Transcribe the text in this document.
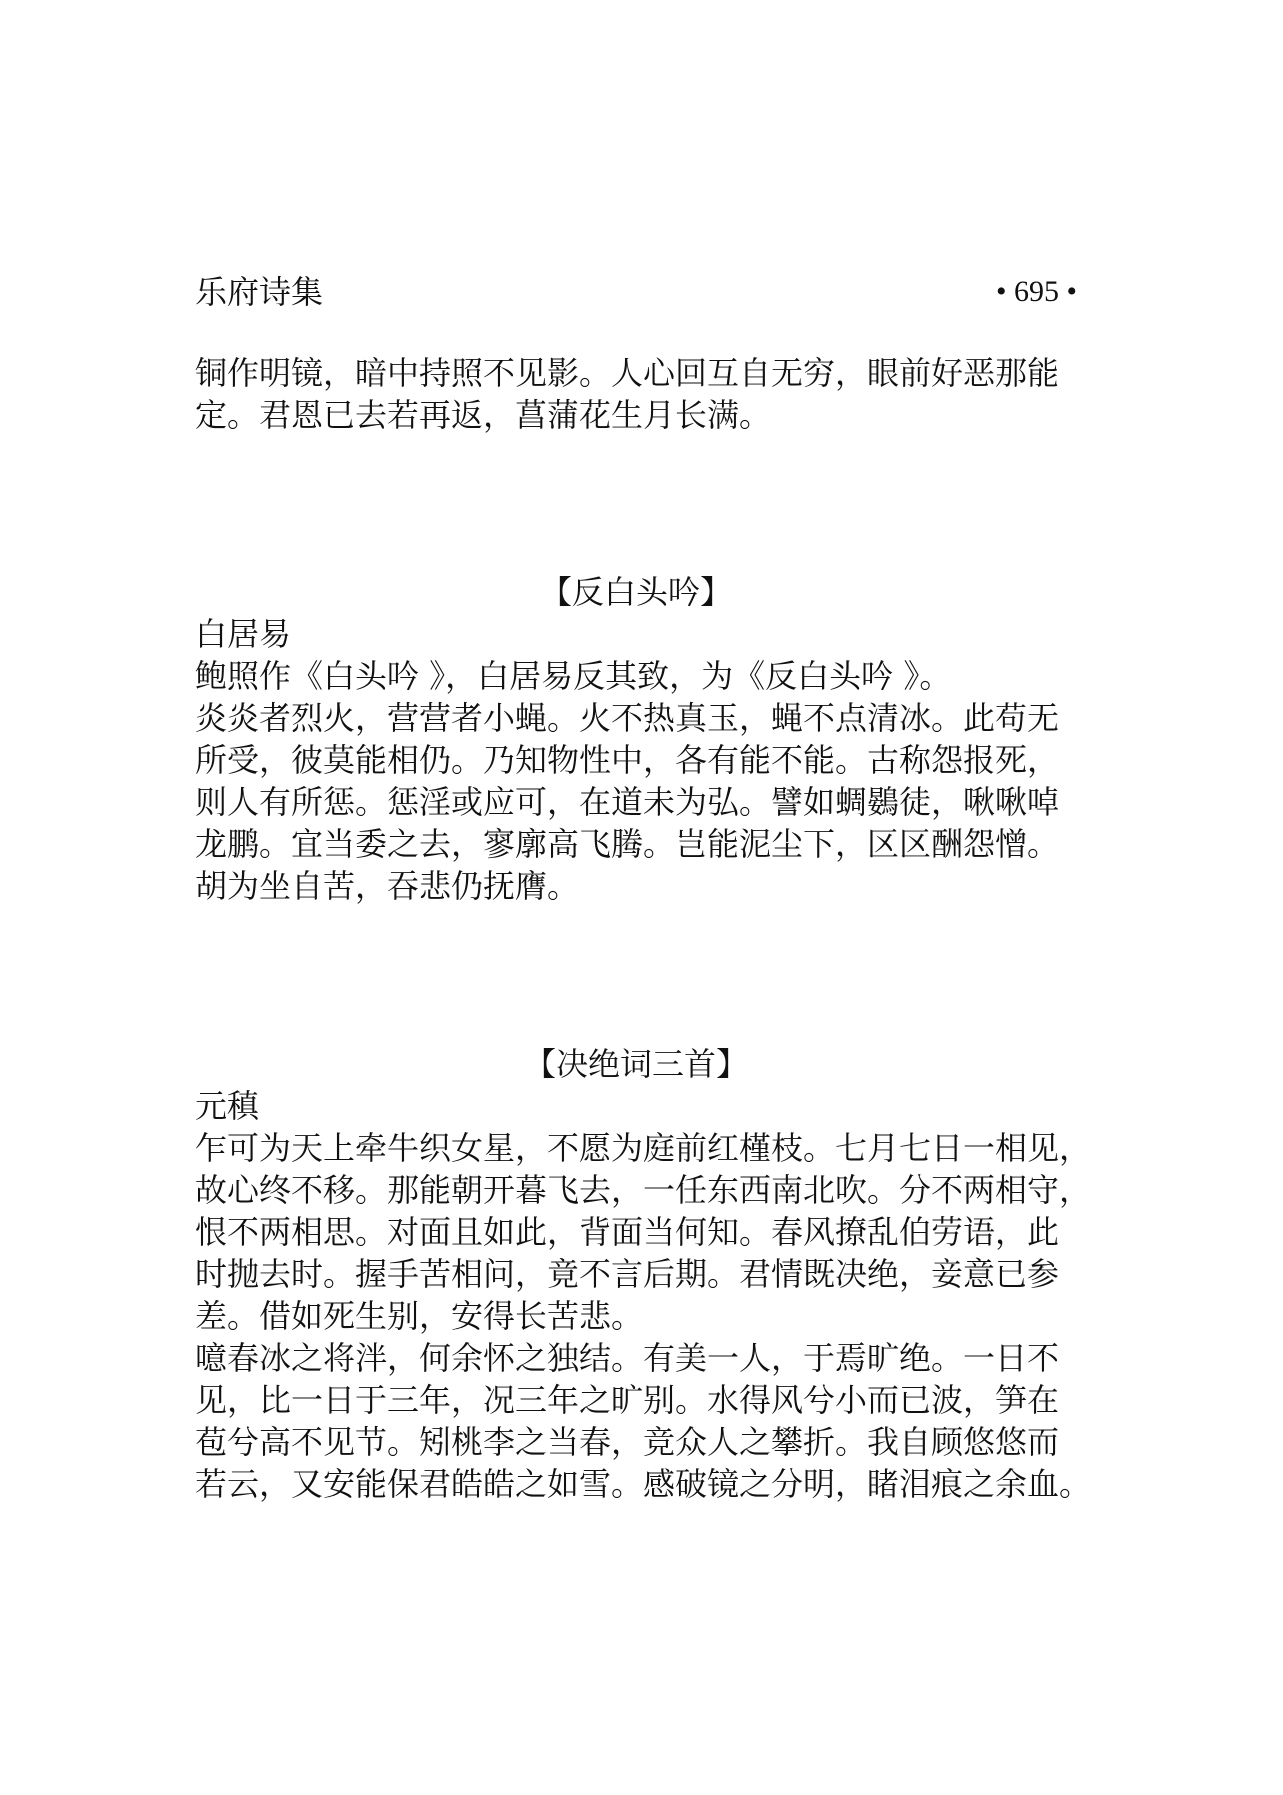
乐府诗集	• 695 •
铜作明镜，暗中持照不见影。人心回互自无穷，眼前好恶那能
定。君恩已去若再返，菖蒲花生月长满。
【反白头吟】
白居易
鲍照作《白头吟 》，白居易反其致，为《反白头吟 》。
炎炎者烈火，营营者小蝇。火不热真玉，蝇不点清冰。此苟无
所受，彼莫能相仍。乃知物性中，各有能不能。古称怨报死，
则人有所惩。惩淫或应可，在道未为弘。譬如蜩鷃徒，啾啾啅
龙鹏。宜当委之去，寥廓高飞腾。岂能泥尘下，区区酬怨憎。
胡为坐自苦，吞悲仍抚膺。
【决绝词三首】
元稹
乍可为天上牵牛织女星，不愿为庭前红槿枝。七月七日一相见，
故心终不移。那能朝开暮飞去，一任东西南北吹。分不两相守，
恨不两相思。对面且如此，背面当何知。春风撩乱伯劳语，此
时抛去时。握手苦相问，竟不言后期。君情既决绝，妾意已参
差。借如死生别，安得长苦悲。
噫春冰之将泮，何余怀之独结。有美一人，于焉旷绝。一日不
见，比一日于三年，况三年之旷别。水得风兮小而已波，笋在
苞兮高不见节。矧桃李之当春，竞众人之攀折。我自顾悠悠而
若云，又安能保君皓皓之如雪。感破镜之分明，睹泪痕之余血。
